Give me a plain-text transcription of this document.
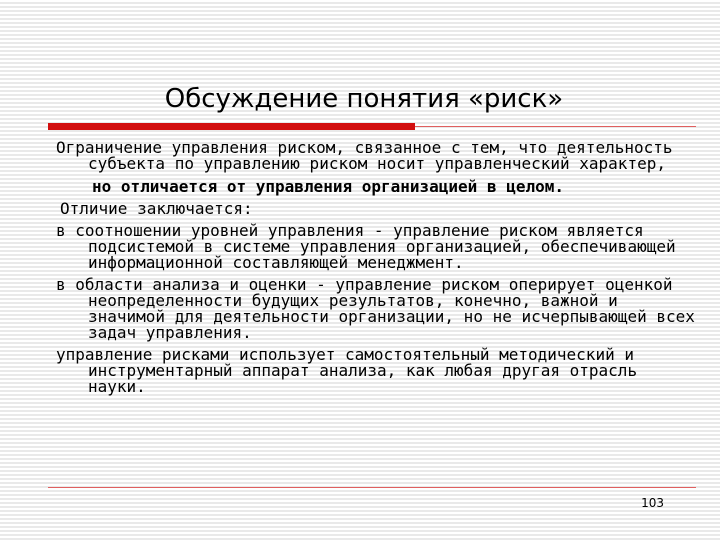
Обсуждение понятия «риск»

Ограничение управления риском, связанное с тем, что деятельность субъекта по управлению риском носит управленческий характер,

но отличается от управления организацией в целом.

Отличие заключается:

в соотношении уровней управления - управление риском является подсистемой в системе управления организацией, обеспечивающей информационной составляющей менеджмент.

в области анализа и оценки - управление риском оперирует оценкой неопределенности будущих результатов, конечно, важной и значимой для деятельности организации, но не исчерпывающей всех задач управления.

управление рисками использует самостоятельный методический и инструментарный аппарат анализа, как любая другая отрасль науки.

103
